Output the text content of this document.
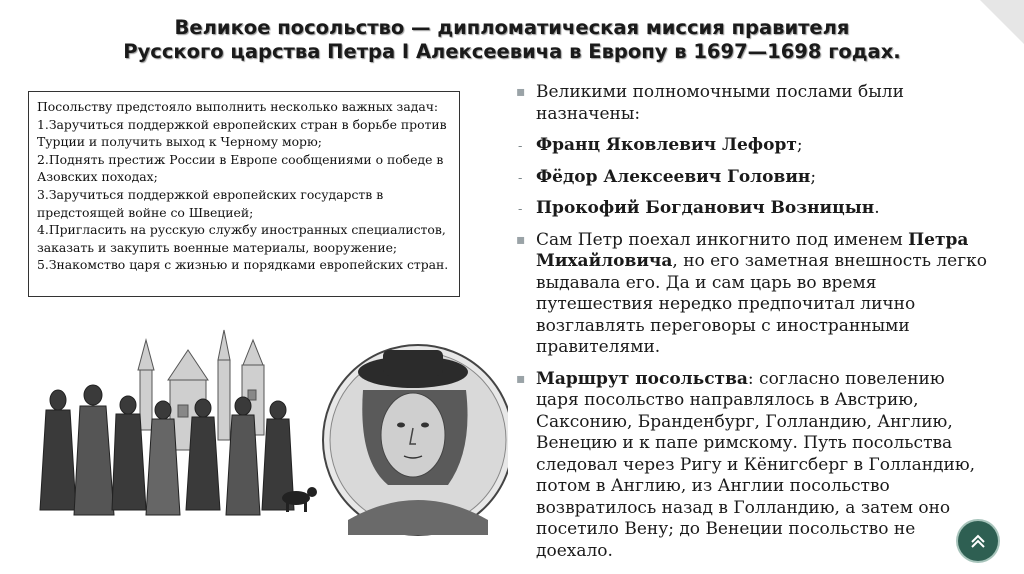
Великое посольство — дипломатическая миссия правителя
Русского царства Петра I Алексеевича в Европу в 1697—1698 годах.
Посольству предстояло выполнить несколько важных задач:
1.Заручиться поддержкой европейских стран в борьбе против Турции и получить выход к Черному морю;
2.Поднять престиж России в Европе сообщениями о победе в Азовских походах;
3.Заручиться поддержкой европейских государств в предстоящей войне со Швецией;
4.Пригласить на русскую службу иностранных специалистов, заказать и закупить военные материалы, вооружение;
5.Знакомство царя с жизнью и порядками европейских стран.
▪ Великими полномочными послами были назначены:
- Франц Яковлевич Лефорт;
- Фёдор Алексеевич Головин;
- Прокофий Богданович Возницын.
▪ Сам Петр поехал инкогнито под именем Петра Михайловича, но его заметная внешность легко выдавала его. Да и сам царь во время путешествия нередко предпочитал лично возглавлять переговоры с иностранными правителями.
▪ Маршрут посольства: согласно повелению царя посольство направлялось в Австрию, Саксонию, Бранденбург, Голландию, Англию, Венецию и к папе римскому. Путь посольства следовал через Ригу и Кёнигсберг в Голландию, потом в Англию, из Англии посольство возвратилось назад в Голландию, а затем оно посетило Вену; до Венеции посольство не доехало.
